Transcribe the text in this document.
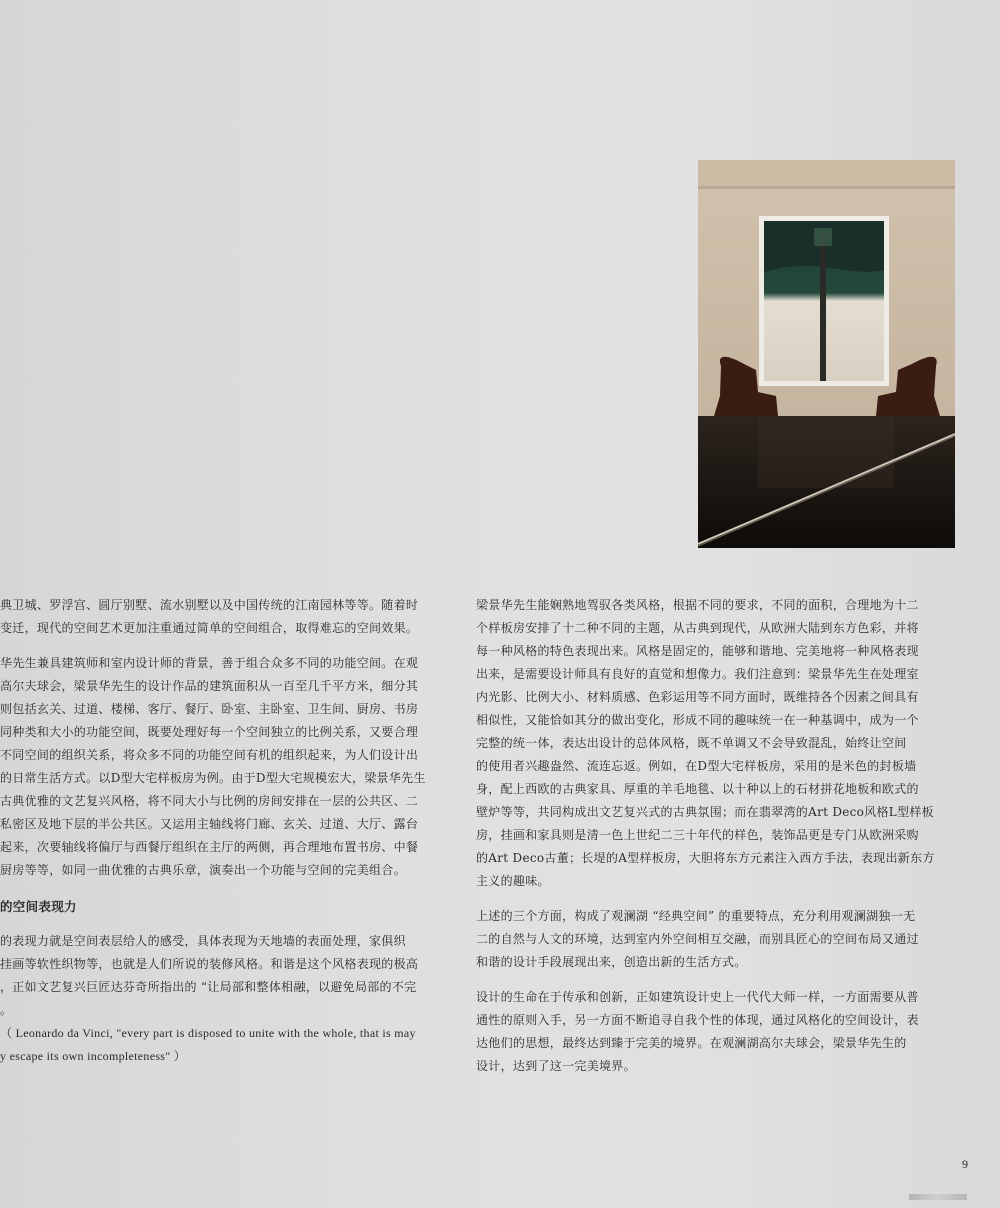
典卫城、罗浮宫、圆厅别墅、流水别墅以及中国传统的江南园林等等。随着时
变迁，现代的空间艺术更加注重通过简单的空间组合，取得难忘的空间效果。

华先生兼具建筑师和室内设计师的背景，善于组合众多不同的功能空间。在观
高尔夫球会，梁景华先生的设计作品的建筑面积从一百至几千平方米，细分其
则包括玄关、过道、楼梯、客厅、餐厅、卧室、主卧室、卫生间、厨房、书房
同种类和大小的功能空间，既要处理好每一个空间独立的比例关系，又要合理
不同空间的组织关系，将众多不同的功能空间有机的组织起来，为人们设计出
的日常生活方式。以D型大宅样板房为例。由于D型大宅规模宏大，梁景华先生
古典优雅的文艺复兴风格，将不同大小与比例的房间安排在一层的公共区、二
私密区及地下层的半公共区。又运用主轴线将门廊、玄关、过道、大厅、露台
起来，次要轴线将偏厅与西餐厅组织在主厅的两侧，再合理地布置书房、中餐
厨房等等，如同一曲优雅的古典乐章，演奏出一个功能与空间的完美组合。

的空间表现力

的表现力就是空间表层给人的感受，具体表现为天地墙的表面处理，家俱织
挂画等软性织物等，也就是人们所说的装修风格。和谐是这个风格表现的极高
，正如文艺复兴巨匠达芬奇所指出的 “让局部和整体相融，以避免局部的不完
。

（ Leonardo da Vinci, "every part is disposed to unite with the whole, that is may
y escape its own incompleteness" ）

梁景华先生能娴熟地驾驭各类风格，根据不同的要求，不同的面积，合理地为十二
个样板房安排了十二种不同的主题，从古典到现代，从欧洲大陆到东方色彩，并将
每一种风格的特色表现出来。风格是固定的，能够和谐地、完美地将一种风格表现
出来，是需要设计师具有良好的直觉和想像力。我们注意到：梁景华先生在处理室
内光影、比例大小、材料质感、色彩运用等不同方面时，既维持各个因素之间具有
相似性，又能恰如其分的做出变化，形成不同的趣味统一在一种基调中，成为一个
完整的统一体，表达出设计的总体风格，既不单调又不会导致混乱，始终让空间
的使用者兴趣盎然、流连忘返。例如，在D型大宅样板房，采用的是米色的封板墙
身，配上西欧的古典家具、厚重的羊毛地毯、以十种以上的石材拼花地板和欧式的
壁炉等等，共同构成出文艺复兴式的古典氛围；而在翡翠湾的Art Deco风格L型样板
房，挂画和家具则是清一色上世纪二三十年代的样色，装饰品更是专门从欧洲采购
的Art Deco古董；长堤的A型样板房，大胆将东方元素注入西方手法，表现出新东方
主义的趣味。

上述的三个方面，构成了观澜湖 “经典空间” 的重要特点，充分利用观澜湖独一无
二的自然与人文的环境，达到室内外空间相互交融，而别具匠心的空间布局又通过
和谐的设计手段展现出来，创造出新的生活方式。

设计的生命在于传承和创新，正如建筑设计史上一代代大师一样，一方面需要从普
通性的原则入手，另一方面不断追寻自我个性的体现，通过风格化的空间设计，表
达他们的思想，最终达到臻于完美的境界。在观澜湖高尔夫球会，梁景华先生的
设计，达到了这一完美境界。

9
